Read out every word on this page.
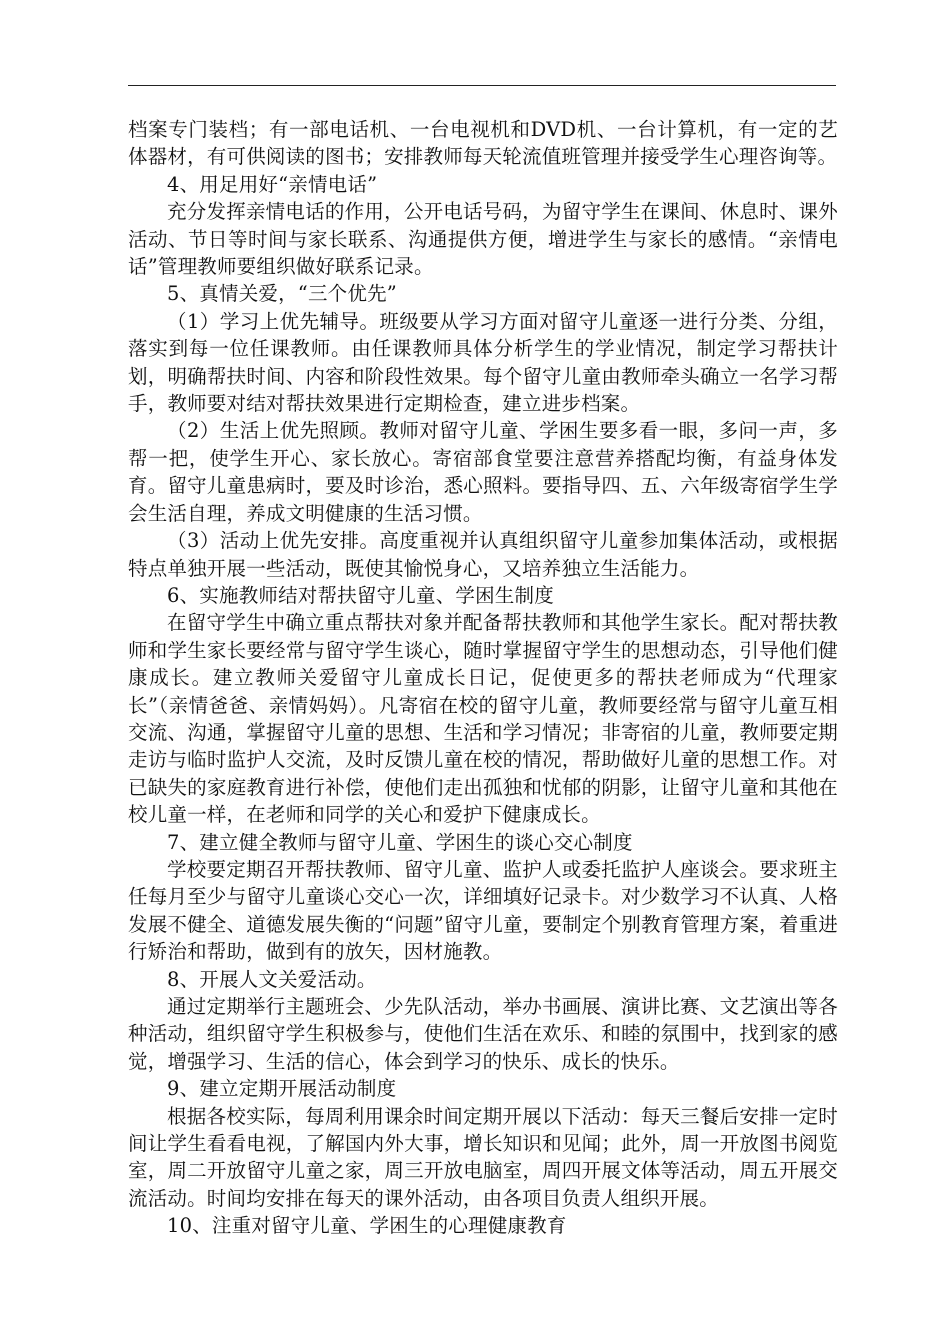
档案专门装档；有一部电话机、一台电视机和DVD机、一台计算机，有一定的艺体器材，有可供阅读的图书；安排教师每天轮流值班管理并接受学生心理咨询等。

4、用足用好“亲情电话”

充分发挥亲情电话的作用，公开电话号码，为留守学生在课间、休息时、课外活动、节日等时间与家长联系、沟通提供方便，增进学生与家长的感情。“亲情电话”管理教师要组织做好联系记录。

5、真情关爱，“三个优先”

（1）学习上优先辅导。班级要从学习方面对留守儿童逐一进行分类、分组，落实到每一位任课教师。由任课教师具体分析学生的学业情况，制定学习帮扶计划，明确帮扶时间、内容和阶段性效果。每个留守儿童由教师牵头确立一名学习帮手，教师要对结对帮扶效果进行定期检查，建立进步档案。

（2）生活上优先照顾。教师对留守儿童、学困生要多看一眼，多问一声，多帮一把，使学生开心、家长放心。寄宿部食堂要注意营养搭配均衡，有益身体发育。留守儿童患病时，要及时诊治，悉心照料。要指导四、五、六年级寄宿学生学会生活自理，养成文明健康的生活习惯。

（3）活动上优先安排。高度重视并认真组织留守儿童参加集体活动，或根据特点单独开展一些活动，既使其愉悦身心，又培养独立生活能力。

6、实施教师结对帮扶留守儿童、学困生制度

在留守学生中确立重点帮扶对象并配备帮扶教师和其他学生家长。配对帮扶教师和学生家长要经常与留守学生谈心，随时掌握留守学生的思想动态，引导他们健康成长。建立教师关爱留守儿童成长日记，促使更多的帮扶老师成为“代理家长”（亲情爸爸、亲情妈妈）。凡寄宿在校的留守儿童，教师要经常与留守儿童互相交流、沟通，掌握留守儿童的思想、生活和学习情况；非寄宿的儿童，教师要定期走访与临时监护人交流，及时反馈儿童在校的情况，帮助做好儿童的思想工作。对已缺失的家庭教育进行补偿，使他们走出孤独和忧郁的阴影，让留守儿童和其他在校儿童一样，在老师和同学的关心和爱护下健康成长。

7、建立健全教师与留守儿童、学困生的谈心交心制度

学校要定期召开帮扶教师、留守儿童、监护人或委托监护人座谈会。要求班主任每月至少与留守儿童谈心交心一次，详细填好记录卡。对少数学习不认真、人格发展不健全、道德发展失衡的“问题”留守儿童，要制定个别教育管理方案，着重进行矫治和帮助，做到有的放矢，因材施教。

8、开展人文关爱活动。

通过定期举行主题班会、少先队活动，举办书画展、演讲比赛、文艺演出等各种活动，组织留守学生积极参与，使他们生活在欢乐、和睦的氛围中，找到家的感觉，增强学习、生活的信心，体会到学习的快乐、成长的快乐。

9、建立定期开展活动制度

根据各校实际，每周利用课余时间定期开展以下活动：每天三餐后安排一定时间让学生看看电视，了解国内外大事，增长知识和见闻；此外，周一开放图书阅览室，周二开放留守儿童之家，周三开放电脑室，周四开展文体等活动，周五开展交流活动。时间均安排在每天的课外活动，由各项目负责人组织开展。

10、注重对留守儿童、学困生的心理健康教育
